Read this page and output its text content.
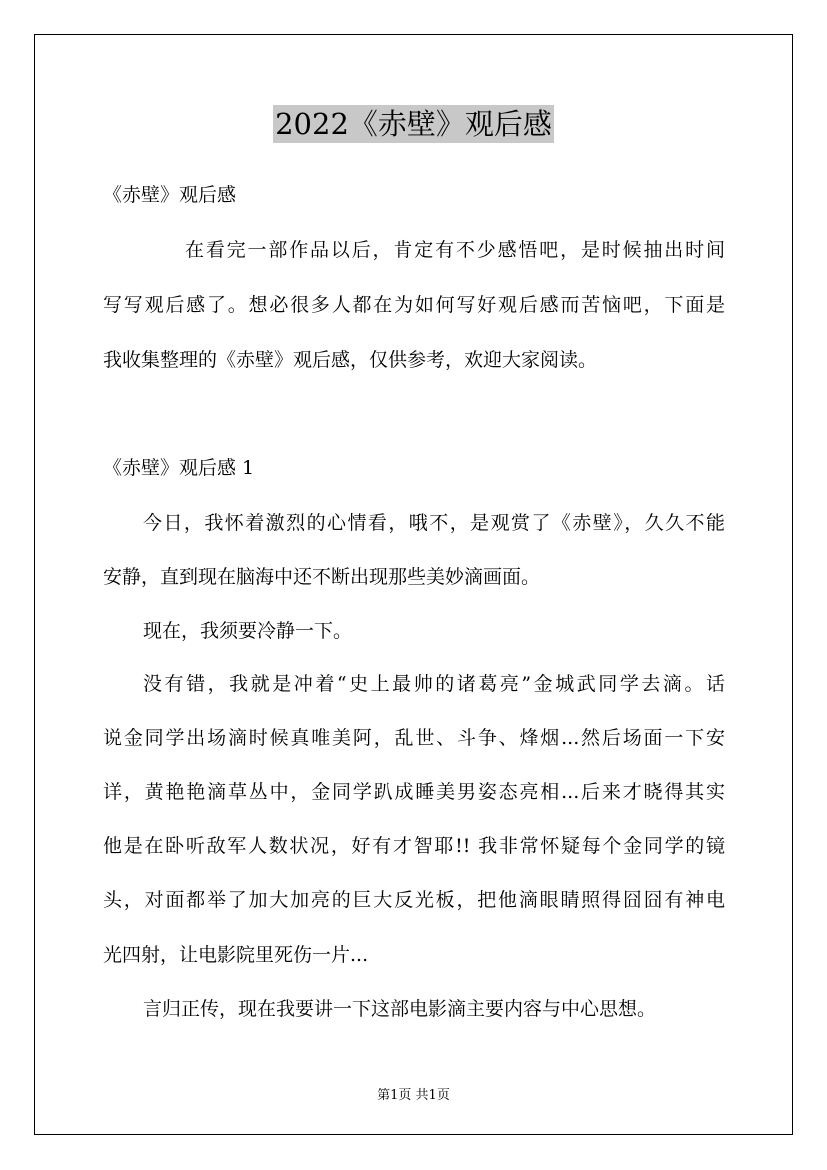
2022《赤壁》观后感
《赤壁》观后感
在看完一部作品以后，肯定有不少感悟吧，是时候抽出时间
写写观后感了。想必很多人都在为如何写好观后感而苦恼吧，下面是
我收集整理的《赤壁》观后感，仅供参考，欢迎大家阅读。
《赤壁》观后感 1
今日，我怀着激烈的心情看，哦不，是观赏了《赤壁》，久久不能
安静，直到现在脑海中还不断出现那些美妙滴画面。
现在，我须要冷静一下。
没有错，我就是冲着“史上最帅的诸葛亮”金城武同学去滴。话
说金同学出场滴时候真唯美阿，乱世、斗争、烽烟...然后场面一下安
详，黄艳艳滴草丛中，金同学趴成睡美男姿态亮相...后来才晓得其实
他是在卧听敌军人数状况，好有才智耶!! 我非常怀疑每个金同学的镜
头，对面都举了加大加亮的巨大反光板，把他滴眼睛照得囧囧有神电
光四射，让电影院里死伤一片...
言归正传，现在我要讲一下这部电影滴主要内容与中心思想。
第1页 共1页
